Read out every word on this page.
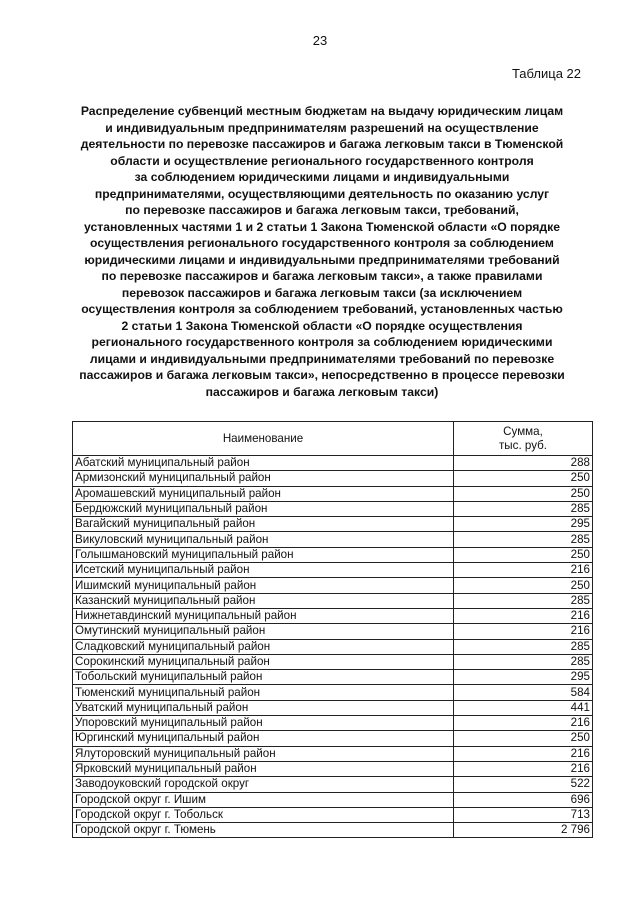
23
Таблица 22
Распределение субвенций местным бюджетам на выдачу юридическим лицам
и индивидуальным предпринимателям разрешений на осуществление
деятельности по перевозке пассажиров и багажа легковым такси в Тюменской
области и осуществление регионального государственного контроля
за соблюдением юридическими лицами и индивидуальными
предпринимателями, осуществляющими деятельность по оказанию услуг
по перевозке пассажиров и багажа легковым такси, требований,
установленных частями 1 и 2 статьи 1 Закона Тюменской области «О порядке
осуществления регионального государственного контроля за соблюдением
юридическими лицами и индивидуальными предпринимателями требований
по перевозке пассажиров и багажа легковым такси», а также правилами
перевозок пассажиров и багажа легковым такси (за исключением
осуществления контроля за соблюдением требований, установленных частью
2 статьи 1 Закона Тюменской области «О порядке осуществления
регионального государственного контроля за соблюдением юридическими
лицами и индивидуальными предпринимателями требований по перевозке
пассажиров и багажа легковым такси», непосредственно в процессе перевозки
пассажиров и багажа легковым такси)
Наименование	Сумма,
тыс. руб.

Абатский муниципальный район	288
Армизонский муниципальный район	250
Аромашевский муниципальный район	250
Бердюжский муниципальный район	285
Вагайский муниципальный район	295
Викуловский муниципальный район	285
Голышмановский муниципальный район	250
Исетский муниципальный район	216
Ишимский муниципальный район	250
Казанский муниципальный район	285
Нижнетавдинский муниципальный район	216
Омутинский муниципальный район	216
Сладковский муниципальный район	285
Сорокинский муниципальный район	285
Тобольский муниципальный район	295
Тюменский муниципальный район	584
Уватский муниципальный район	441
Упоровский муниципальный район	216
Юргинский муниципальный район	250
Ялуторовский муниципальный район	216
Ярковский муниципальный район	216
Заводоуковский городской округ	522
Городской округ г. Ишим	696
Городской округ г. Тобольск	713
Городской округ г. Тюмень	2 796
